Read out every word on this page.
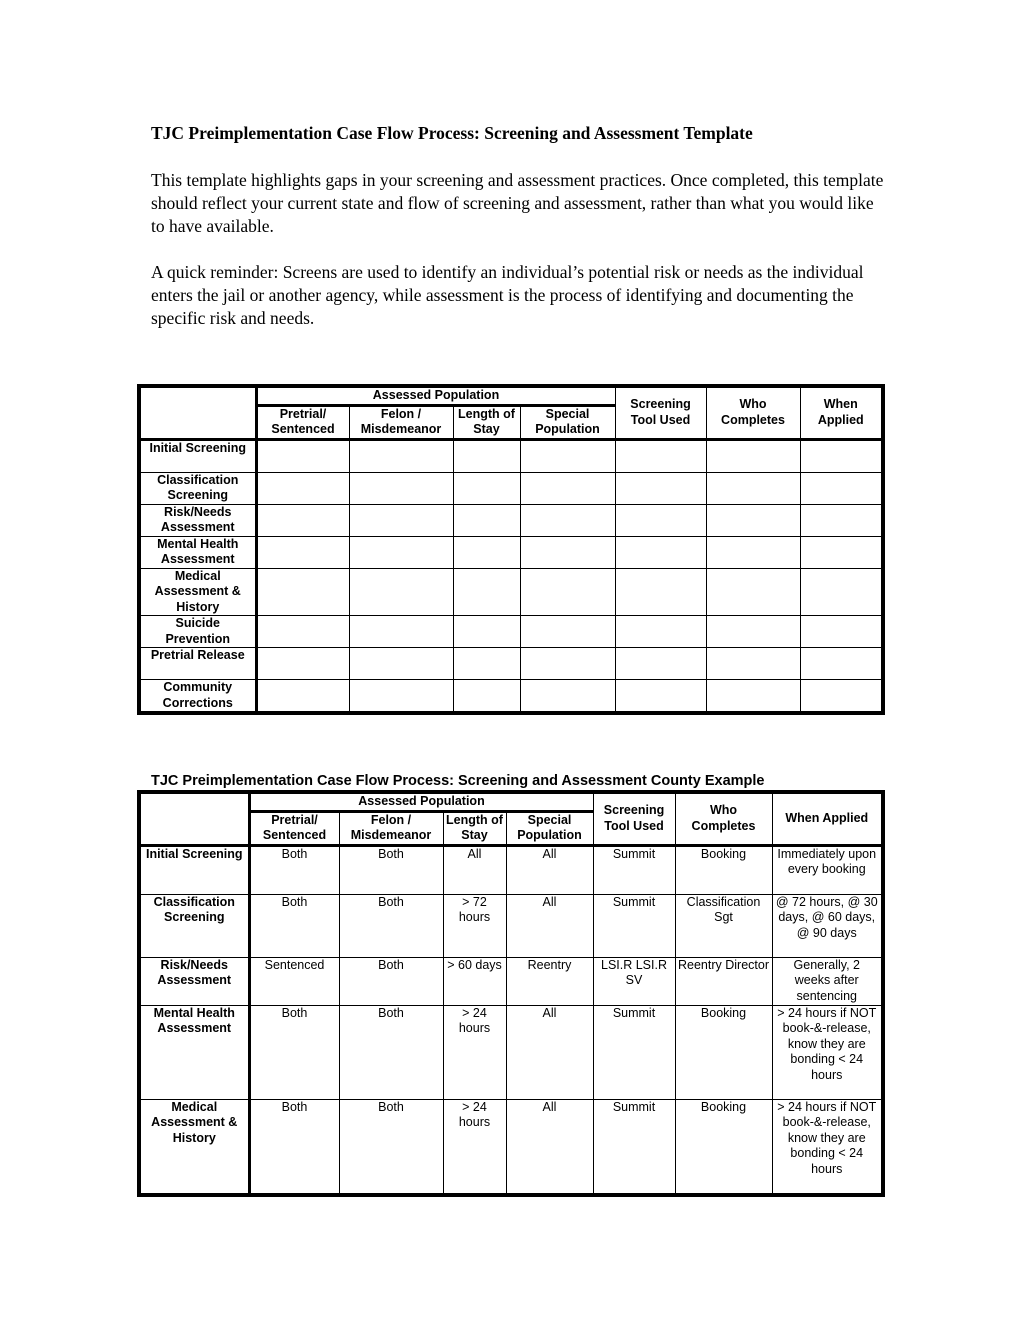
TJC Preimplementation Case Flow Process: Screening and Assessment Template

This template highlights gaps in your screening and assessment practices. Once completed, this template should reflect your current state and flow of screening and assessment, rather than what you would like to have available.

A quick reminder: Screens are used to identify an individual’s potential risk or needs as the individual enters the jail or another agency, while assessment is the process of identifying and documenting the specific risk and needs.

	Assessed Population				Screening Tool Used	Who Completes	When Applied
	Pretrial/ Sentenced	Felon / Misdemeanor	Length of Stay	Special Population			
Initial Screening							
Classification Screening							
Risk/Needs Assessment							
Mental Health Assessment							
Medical Assessment & History							
Suicide Prevention							
Pretrial Release							
Community Corrections							

TJC Preimplementation Case Flow Process: Screening and Assessment County Example

	Assessed Population				Screening Tool Used	Who Completes	When Applied
	Pretrial/ Sentenced	Felon / Misdemeanor	Length of Stay	Special Population			
Initial Screening	Both	Both	All	All	Summit	Booking	Immediately upon every booking
Classification Screening	Both	Both	> 72 hours	All	Summit	Classification Sgt	@ 72 hours, @ 30 days, @ 60 days, @ 90 days
Risk/Needs Assessment	Sentenced	Both	> 60 days	Reentry	LSI.R LSI.R SV	Reentry Director	Generally, 2 weeks after sentencing
Mental Health Assessment	Both	Both	> 24 hours	All	Summit	Booking	> 24 hours if NOT book-&-release, know they are bonding < 24 hours
Medical Assessment & History	Both	Both	> 24 hours	All	Summit	Booking	> 24 hours if NOT book-&-release, know they are bonding < 24 hours
